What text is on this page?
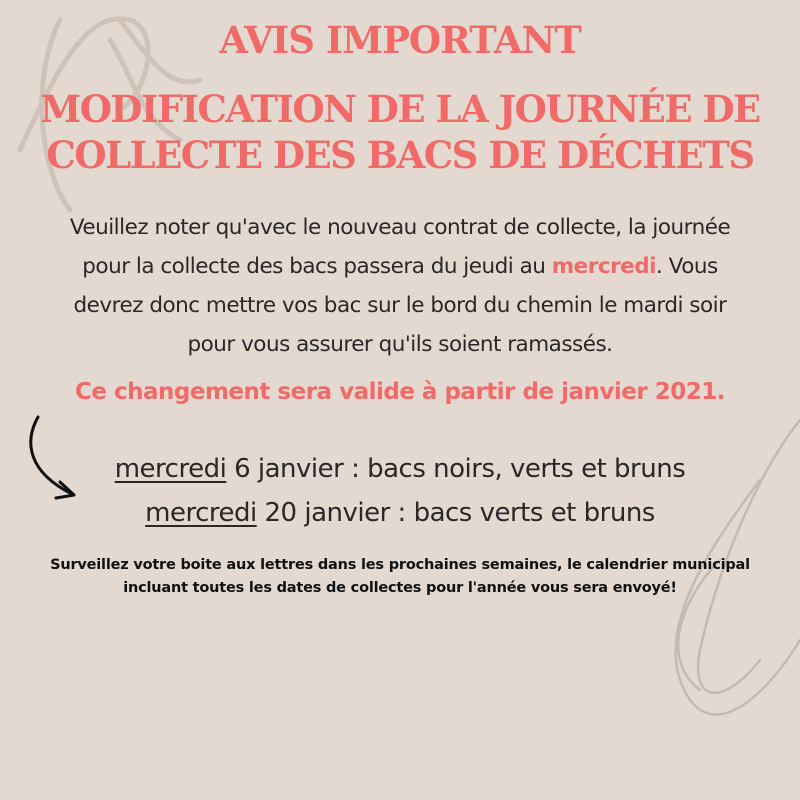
AVIS IMPORTANT
MODIFICATION DE LA JOURNÉE DE
COLLECTE DES BACS DE DÉCHETS
Veuillez noter qu'avec le nouveau contrat de collecte, la journée
pour la collecte des bacs passera du jeudi au mercredi. Vous
devrez donc mettre vos bac sur le bord du chemin le mardi soir
pour vous assurer qu'ils soient ramassés.
Ce changement sera valide à partir de janvier 2021.
mercredi 6 janvier : bacs noirs, verts et bruns
mercredi 20 janvier : bacs verts et bruns
Surveillez votre boite aux lettres dans les prochaines semaines, le calendrier municipal
incluant toutes les dates de collectes pour l'année vous sera envoyé!
